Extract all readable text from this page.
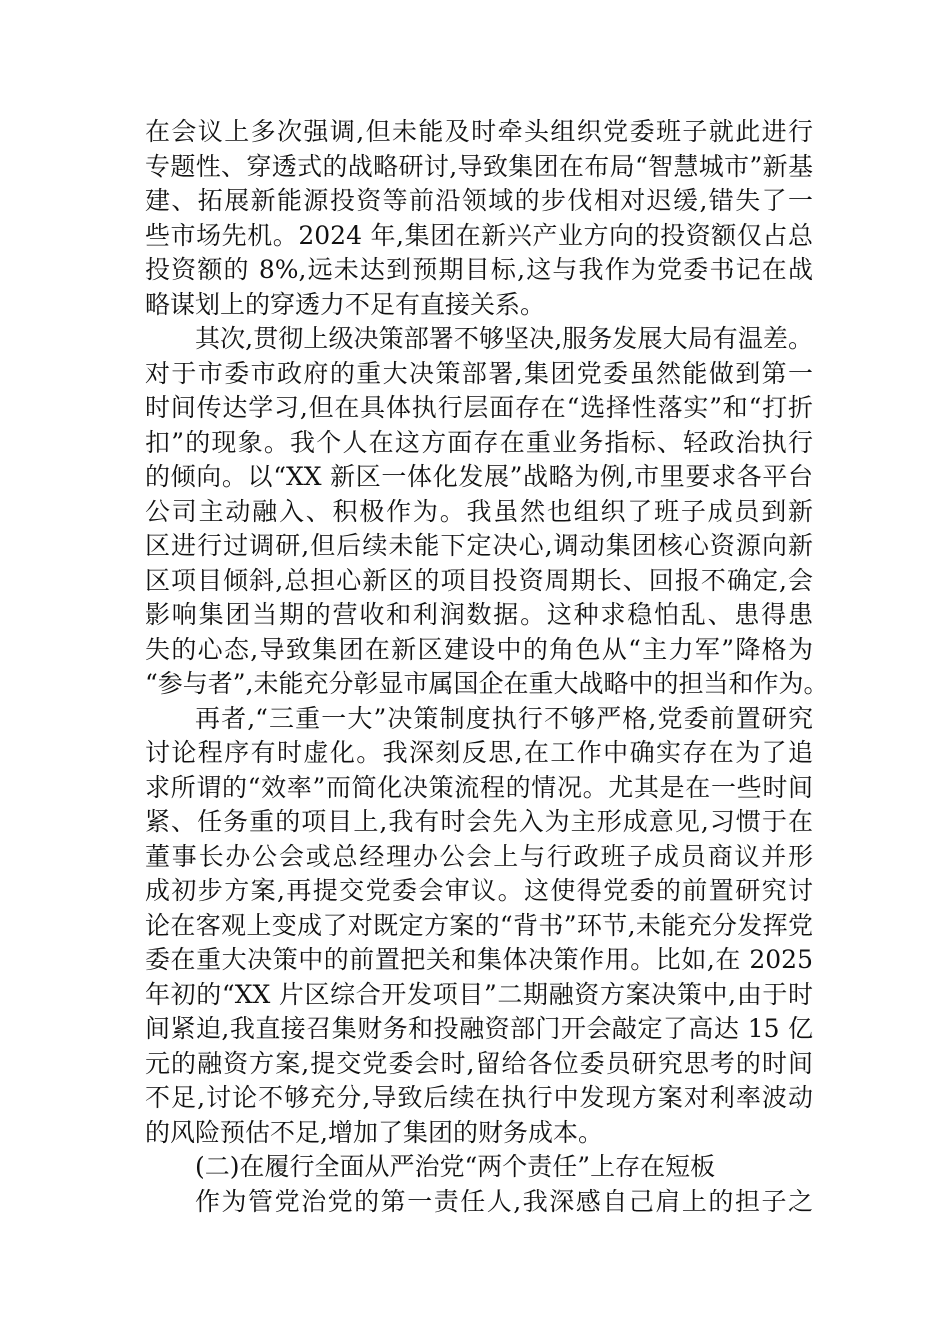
在会议上多次强调,但未能及时牵头组织党委班子就此进行
专题性、穿透式的战略研讨,导致集团在布局“智慧城市”新基
建、拓展新能源投资等前沿领域的步伐相对迟缓,错失了一
些市场先机。2024 年,集团在新兴产业方向的投资额仅占总
投资额的 8%,远未达到预期目标,这与我作为党委书记在战
略谋划上的穿透力不足有直接关系。
其次,贯彻上级决策部署不够坚决,服务发展大局有温差。
对于市委市政府的重大决策部署,集团党委虽然能做到第一
时间传达学习,但在具体执行层面存在“选择性落实”和“打折
扣”的现象。我个人在这方面存在重业务指标、轻政治执行
的倾向。以“XX 新区一体化发展”战略为例,市里要求各平台
公司主动融入、积极作为。我虽然也组织了班子成员到新
区进行过调研,但后续未能下定决心,调动集团核心资源向新
区项目倾斜,总担心新区的项目投资周期长、回报不确定,会
影响集团当期的营收和利润数据。这种求稳怕乱、患得患
失的心态,导致集团在新区建设中的角色从“主力军”降格为
“参与者”,未能充分彰显市属国企在重大战略中的担当和作为。
再者,“三重一大”决策制度执行不够严格,党委前置研究
讨论程序有时虚化。我深刻反思,在工作中确实存在为了追
求所谓的“效率”而简化决策流程的情况。尤其是在一些时间
紧、任务重的项目上,我有时会先入为主形成意见,习惯于在
董事长办公会或总经理办公会上与行政班子成员商议并形
成初步方案,再提交党委会审议。这使得党委的前置研究讨
论在客观上变成了对既定方案的“背书”环节,未能充分发挥党
委在重大决策中的前置把关和集体决策作用。比如,在 2025
年初的“XX 片区综合开发项目”二期融资方案决策中,由于时
间紧迫,我直接召集财务和投融资部门开会敲定了高达 15 亿
元的融资方案,提交党委会时,留给各位委员研究思考的时间
不足,讨论不够充分,导致后续在执行中发现方案对利率波动
的风险预估不足,增加了集团的财务成本。
(二)在履行全面从严治党“两个责任”上存在短板
作为管党治党的第一责任人,我深感自己肩上的担子之
